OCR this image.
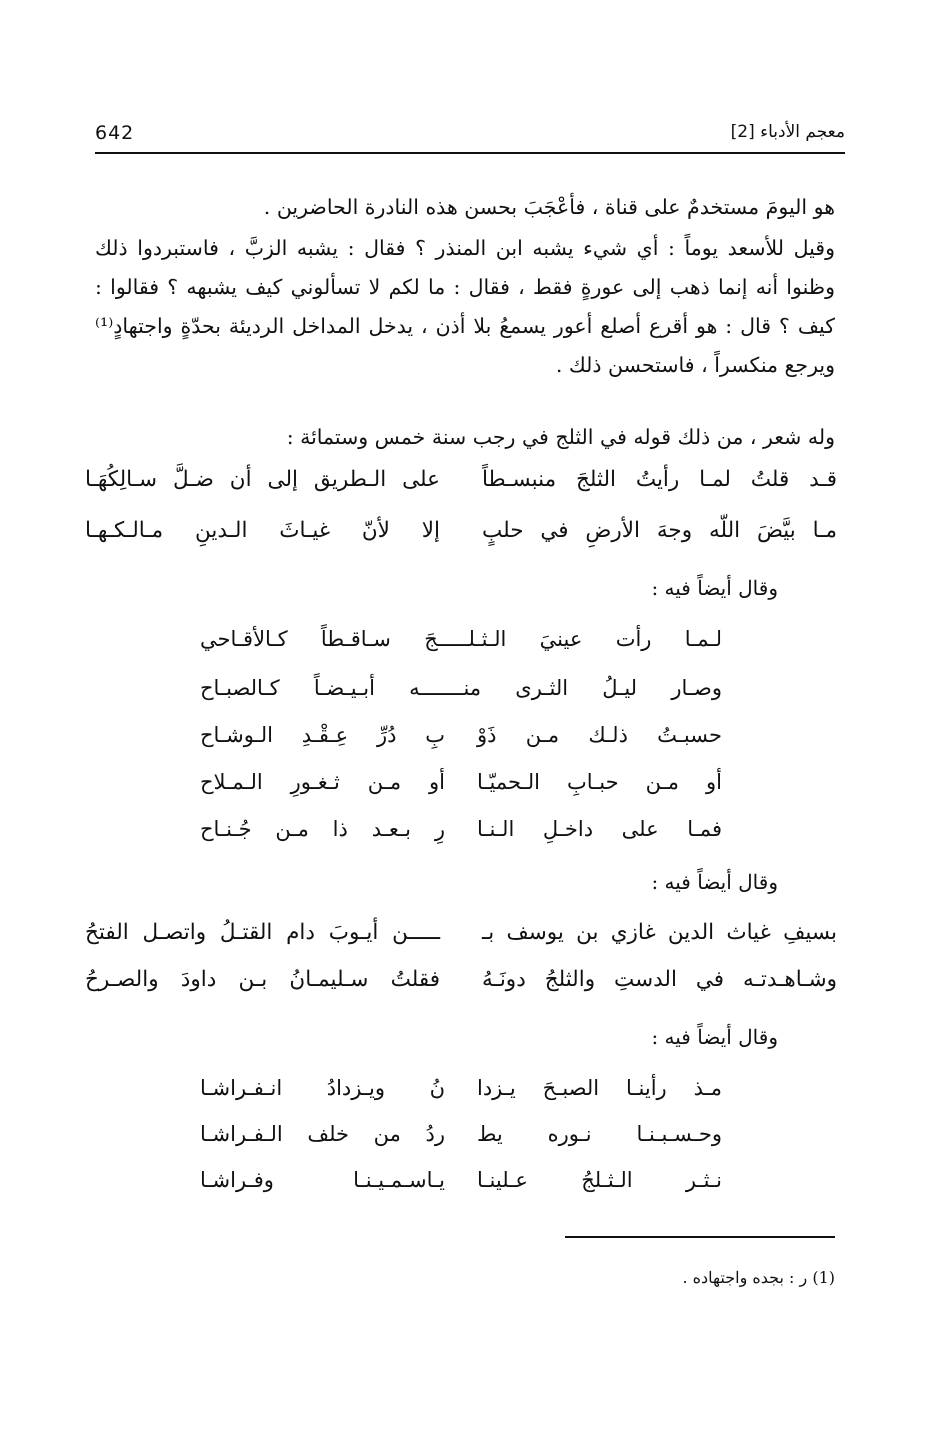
642	معجم الأدباء [2]
هو اليومَ مستخدمٌ على قناة ، فأعْجَبَ بحسن هذه النادرة الحاضرين .
وقيل للأسعد يوماً : أي شيء يشبه ابن المنذر ؟ فقال : يشبه الزبَّ ، فاستبردوا ذلك وظنوا أنه إنما ذهب إلى عورةٍ فقط ، فقال : ما لكم لا تسألوني كيف يشبهه ؟ فقالوا : كيف ؟ قال : هو أقرع أصلع أعور يسمعُ بلا أذن ، يدخل المداخل الرديئة بحدّةٍ واجتهادٍ⁽¹⁾ ويرجع منكسراً ، فاستحسن ذلك .
وله شعر ، من ذلك قوله في الثلج في رجب سنة خمس وستمائة :
قـد قلتُ لمـا رأيتُ الثلجَ منبسـطاً
على الـطريق إلى أن ضـلَّ سـالِكُهَـا
مـا بيَّضَ اللّه وجهَ الأرضِ في حلبٍ
إلا لأنّ غيـاثَ الـدينِ مـالـكـهـا
وقال أيضاً فيه :
لـمـا رأت عينيَ الـثـلـــــجَ سـاقـطاً كـالأقـاحي
وصـار ليـلُ الثـرى منـــــــه أبـيـضـاً كـالصبـاح
حسبـتُ ذلـك مـن ذَوْ
بِ دُرِّ عِـقْـدِ الـوشـاح
أو مـن حبـابِ الـحميّـا
أو مـن ثـغـورِ الـمـلاح
فمـا على داخـلِ الـنـا
رِ بـعـد ذا مـن جُـنـاح
وقال أيضاً فيه :
بسيفِ غياث الدين غازي بن يوسف بـ
ـــــن أيـوبَ دام القتـلُ واتصـل الفتحُ
وشـاهـدتـه في الدستِ والثلجُ دونَـهُ
فقلتُ سـليمـانُ بـن داودَ والصـرحُ
وقال أيضاً فيه :
مـذ رأينـا الصبـحَ يـزدا
نُ ويـزدادُ انـفـراشـا
وحـسـبـنـا نـوره يط
ردُ من خلف الـفـراشـا
نـثـر الـثـلجُ عـلينـا
يـاسـمـيـنـا وفـراشـا
(1) ر : بجده واجتهاده .
